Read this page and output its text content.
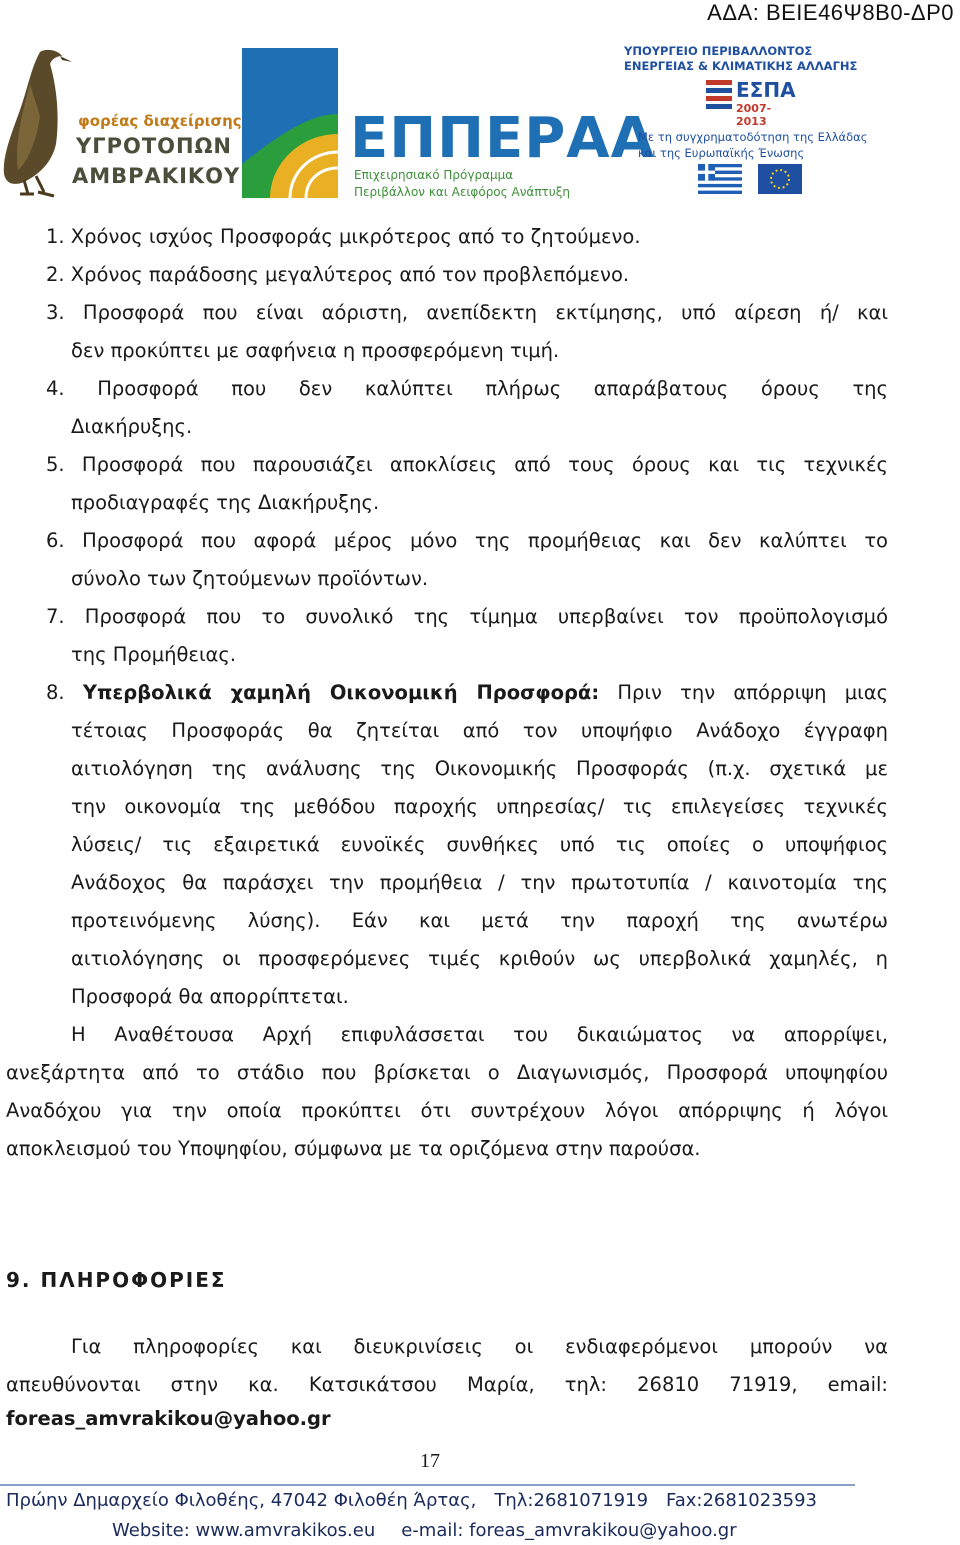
ΑΔΑ: ΒΕΙΕ46Ψ8Β0-ΔΡ0
φορέας διαχείρισης
ΥΓΡΟΤΟΠΩΝ
ΑΜΒΡΑΚΙΚΟΥ
ΕΠΠΕΡΑΑ
Επιχειρησιακό Πρόγραμμα
Περιβάλλον και Αειφόρος Ανάπτυξη
ΥΠΟΥΡΓΕΙΟ ΠΕΡΙΒΑΛΛΟΝΤΟΣ
ΕΝΕΡΓΕΙΑΣ & ΚΛΙΜΑΤΙΚΗΣ ΑΛΛΑΓΗΣ
ΕΣΠΑ
2007-2013
Με τη συγχρηματοδότηση της Ελλάδας
και της Ευρωπαϊκής Ένωσης
1. Χρόνος ισχύος Προσφοράς μικρότερος από το ζητούμενο.
2. Χρόνος παράδοσης μεγαλύτερος από τον προβλεπόμενο.
3. Προσφορά που είναι αόριστη, ανεπίδεκτη εκτίμησης, υπό αίρεση ή/ και
δεν προκύπτει με σαφήνεια η προσφερόμενη τιμή.
4. Προσφορά που δεν καλύπτει πλήρως απαράβατους όρους της
Διακήρυξης.
5. Προσφορά που παρουσιάζει αποκλίσεις από τους όρους και τις τεχνικές
προδιαγραφές της Διακήρυξης.
6. Προσφορά που αφορά μέρος μόνο της προμήθειας και δεν καλύπτει το
σύνολο των ζητούμενων προϊόντων.
7. Προσφορά που το συνολικό της τίμημα υπερβαίνει τον προϋπολογισμό
της Προμήθειας.
8. Υπερβολικά χαμηλή Οικονομική Προσφορά: Πριν την απόρριψη μιας
τέτοιας Προσφοράς θα ζητείται από τον υποψήφιο Ανάδοχο έγγραφη
αιτιολόγηση της ανάλυσης της Οικονομικής Προσφοράς (π.χ. σχετικά με
την οικονομία της μεθόδου παροχής υπηρεσίας/ τις επιλεγείσες τεχνικές
λύσεις/ τις εξαιρετικά ευνοϊκές συνθήκες υπό τις οποίες ο υποψήφιος
Ανάδοχος θα παράσχει την προμήθεια / την πρωτοτυπία / καινοτομία της
προτεινόμενης λύσης). Εάν και μετά την παροχή της ανωτέρω
αιτιολόγησης οι προσφερόμενες τιμές κριθούν ως υπερβολικά χαμηλές, η
Προσφορά θα απορρίπτεται.
Η Αναθέτουσα Αρχή επιφυλάσσεται του δικαιώματος να απορρίψει,
ανεξάρτητα από το στάδιο που βρίσκεται ο Διαγωνισμός, Προσφορά υποψηφίου
Αναδόχου για την οποία προκύπτει ότι συντρέχουν λόγοι απόρριψης ή λόγοι
αποκλεισμού του Υποψηφίου, σύμφωνα με τα οριζόμενα στην παρούσα.
9. ΠΛΗΡΟΦΟΡΙΕΣ
Για πληροφορίες και διευκρινίσεις οι ενδιαφερόμενοι μπορούν να
απευθύνονται στην κα. Κατσικάτσου Μαρία, τηλ: 26810 71919, email:
foreas_amvrakikou@yahoo.gr
17
Πρώην Δημαρχείο Φιλοθέης, 47042 Φιλοθέη Άρτας, Τηλ:2681071919 Fax:2681023593
Website: www.amvrakikos.eu e-mail: foreas_amvrakikou@yahoo.gr
